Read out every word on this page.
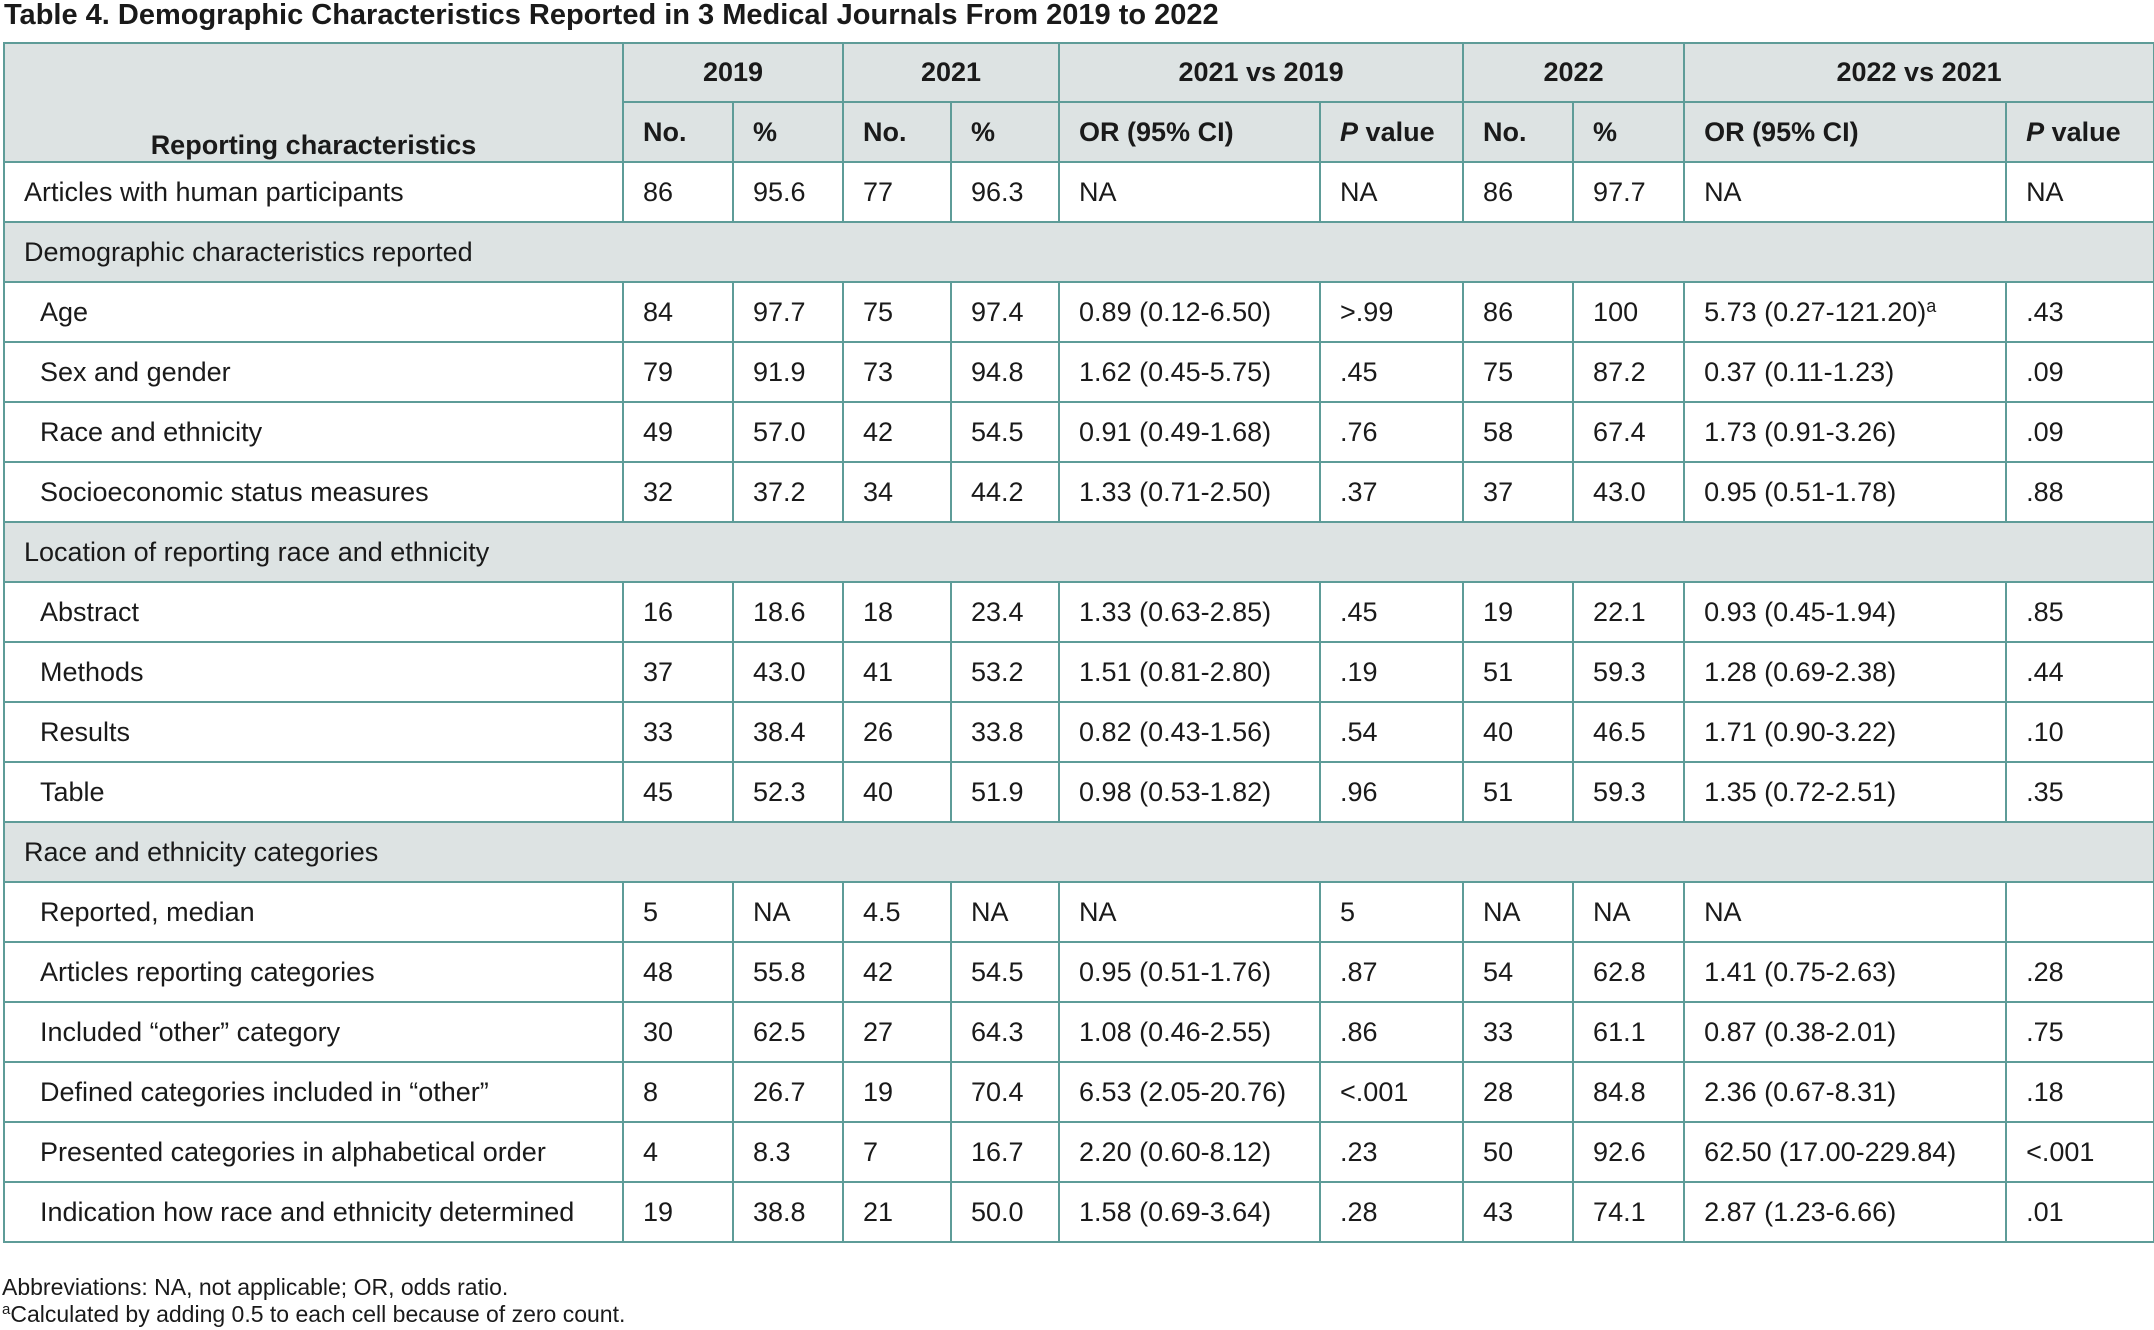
Table 4. Demographic Characteristics Reported in 3 Medical Journals From 2019 to 2022
Reporting characteristics	2019		2021		2021 vs 2019		2022		2022 vs 2021	
	No.	%	No.	%	OR (95% CI)	P value	No.	%	OR (95% CI)	P value
Articles with human participants	86	95.6	77	96.3	NA	NA	86	97.7	NA	NA
Demographic characteristics reported										
Age	84	97.7	75	97.4	0.89 (0.12-6.50)	>.99	86	100	5.73 $(0.27-121.20)^a$	.43
Sex and gender	79	91.9	73	94.8	1.62 (0.45-5.75)	.45	75	87.2	0.37 (0.11-1.23)	.09
Race and ethnicity	49	57.0	42	54.5	0.91 (0.49-1.68)	.76	58	67.4	1.73 (0.91-3.26)	.09
Socioeconomic status measures	32	37.2	34	44.2	1.33 (0.71-2.50)	.37	37	43.0	0.95 (0.51-1.78)	.88
Location of reporting race and ethnicity										
Abstract	16	18.6	18	23.4	1.33 (0.63-2.85)	.45	19	22.1	0.93 (0.45-1.94)	.85
Methods	37	43.0	41	53.2	1.51 (0.81-2.80)	.19	51	59.3	1.28 (0.69-2.38)	.44
Results	33	38.4	26	33.8	0.82 (0.43-1.56)	.54	40	46.5	1.71 (0.90-3.22)	.10
Table	45	52.3	40	51.9	0.98 (0.53-1.82)	.96	51	59.3	1.35 (0.72-2.51)	.35
Race and ethnicity categories										
Reported, median	5	NA	4.5	NA	NA	5	NA	NA	NA	
Articles reporting categories	48	55.8	42	54.5	0.95 (0.51-1.76)	.87	54	62.8	1.41 (0.75-2.63)	.28
Included “other” category	30	62.5	27	64.3	1.08 (0.46-2.55)	.86	33	61.1	0.87 (0.38-2.01)	.75
Defined categories included in “other”	8	26.7	19	70.4	6.53 (2.05-20.76)	<.001	28	84.8	2.36 (0.67-8.31)	.18
Presented categories in alphabetical order	4	8.3	7	16.7	2.20 (0.60-8.12)	.23	50	92.6	62.50 (17.00-229.84)	<.001
Indication how race and ethnicity determined	19	38.8	21	50.0	1.58 (0.69-3.64)	.28	43	74.1	2.87 (1.23-6.66)	.01
Abbreviations: NA, not applicable; OR, odds ratio.
$^a$Calculated by adding 0.5 to each cell because of zero count.
